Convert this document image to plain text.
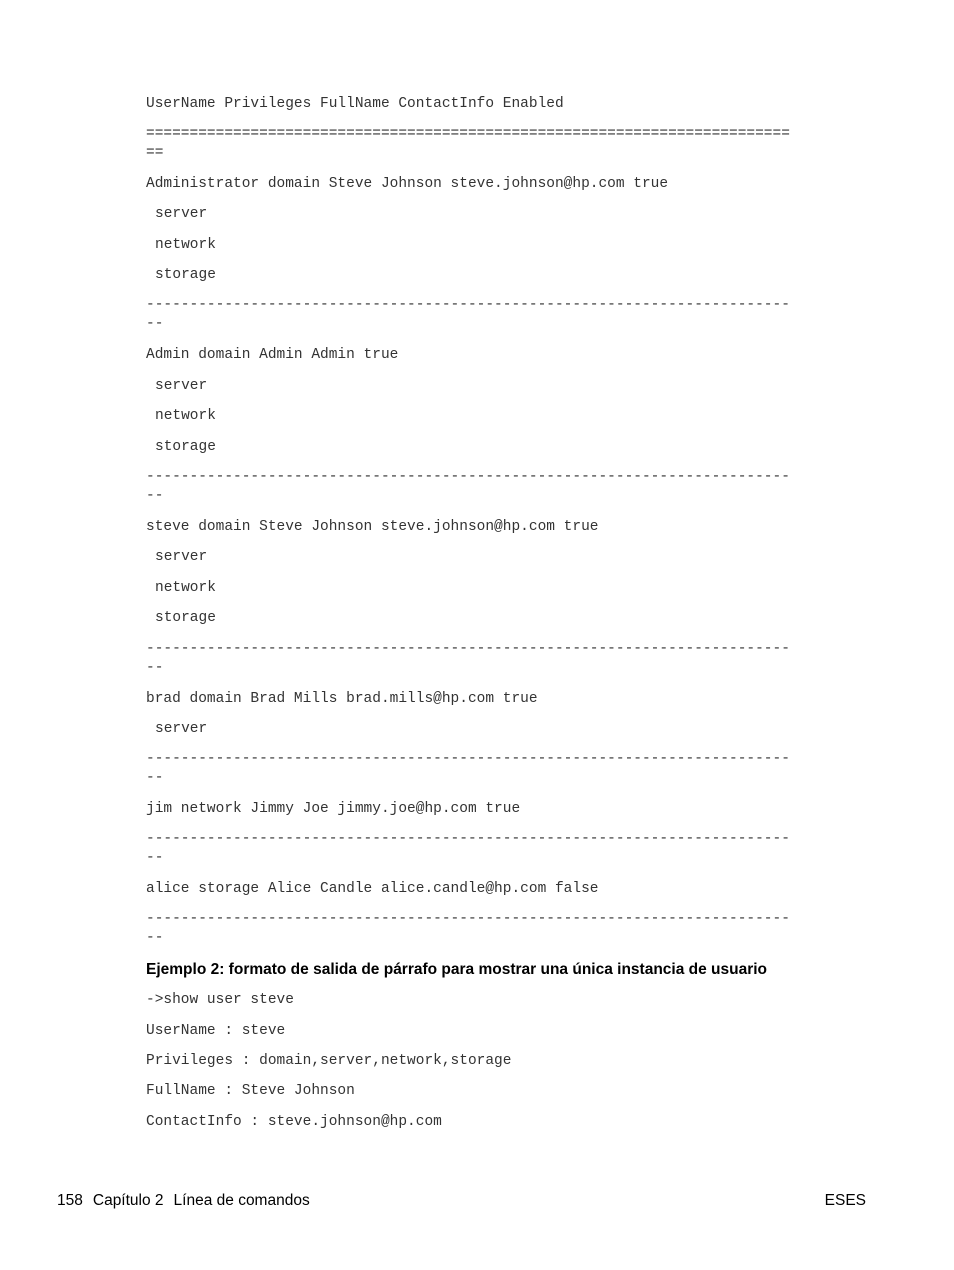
UserName Privileges FullName ContactInfo Enabled
==========================================================================
==
Administrator domain Steve Johnson steve.johnson@hp.com true
server
network
storage
--------------------------------------------------------------------------
--
Admin domain Admin Admin true
server
network
storage
--------------------------------------------------------------------------
--
steve domain Steve Johnson steve.johnson@hp.com true
server
network
storage
--------------------------------------------------------------------------
--
brad domain Brad Mills brad.mills@hp.com true
server
--------------------------------------------------------------------------
--
jim network Jimmy Joe jimmy.joe@hp.com true
--------------------------------------------------------------------------
--
alice storage Alice Candle alice.candle@hp.com false
--------------------------------------------------------------------------
--
Ejemplo 2: formato de salida de párrafo para mostrar una única instancia de usuario
->show user steve
UserName : steve
Privileges : domain,server,network,storage
FullName : Steve Johnson
ContactInfo : steve.johnson@hp.com
158 Capítulo 2 Línea de comandos	ESES
